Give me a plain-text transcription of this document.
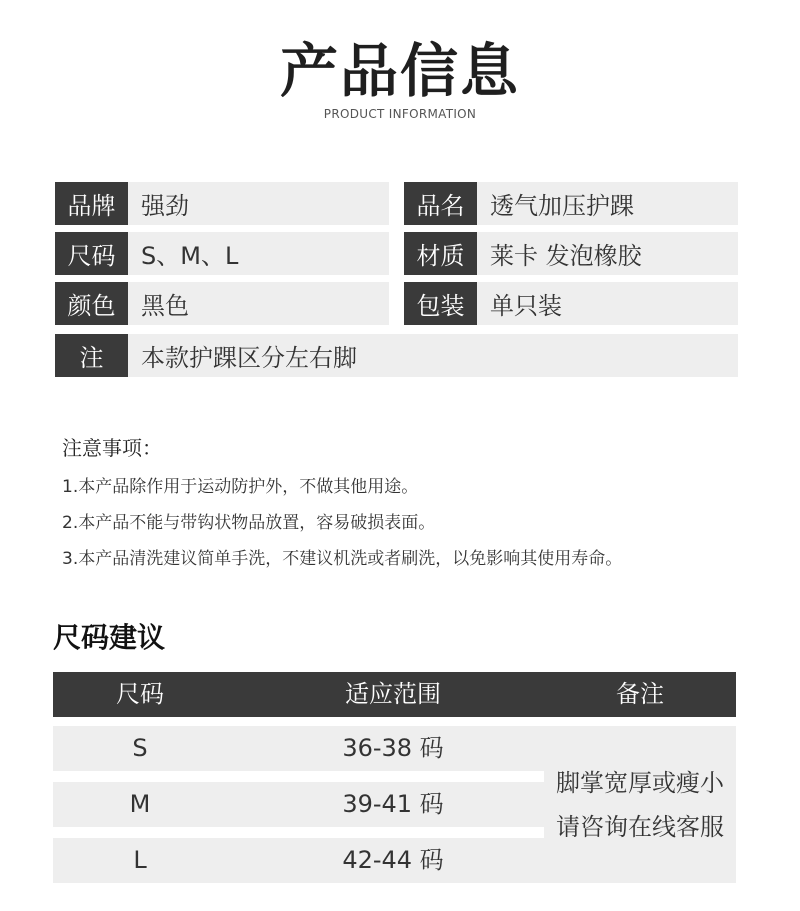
产品信息
PRODUCT INFORMATION
品牌	强劲	品名	透气加压护踝
尺码	S、M、L	材质	莱卡 发泡橡胶
颜色	黑色	包装	单只装
注	本款护踝区分左右脚
注意事项：
1.本产品除作用于运动防护外，不做其他用途。
2.本产品不能与带钩状物品放置，容易破损表面。
3.本产品清洗建议简单手洗，不建议机洗或者刷洗，以免影响其使用寿命。
尺码建议
尺码	适应范围	备注
S	36-38 码
M	39-41 码
L	42-44 码
脚掌宽厚或瘦小
请咨询在线客服
